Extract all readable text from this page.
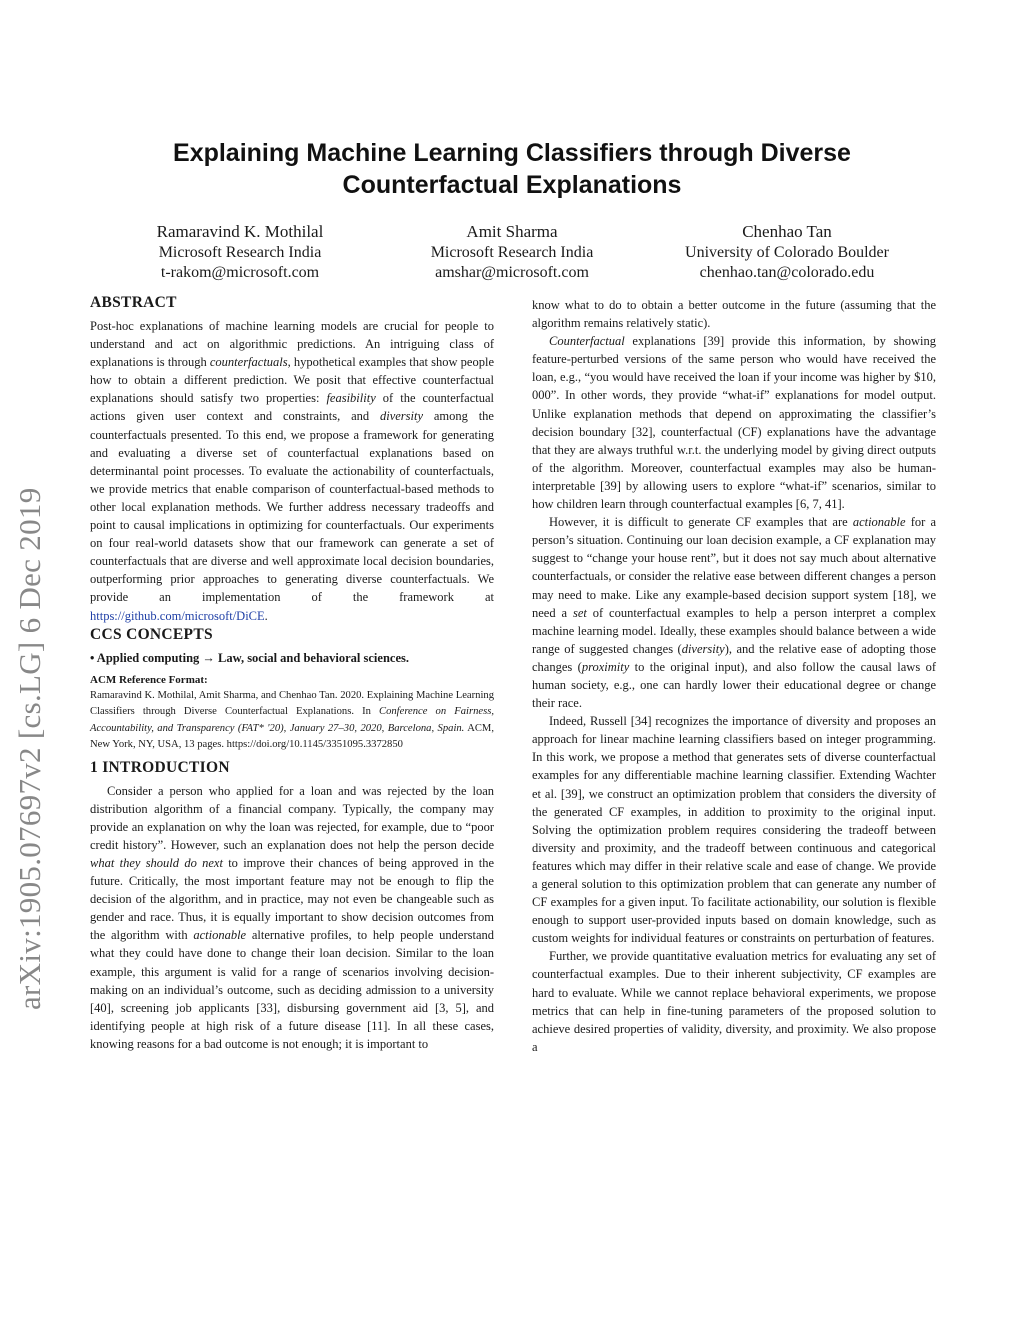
arXiv:1905.07697v2 [cs.LG] 6 Dec 2019
Explaining Machine Learning Classifiers through Diverse
Counterfactual Explanations
Ramaravind K. Mothilal
Microsoft Research India
t-rakom@microsoft.com
Amit Sharma
Microsoft Research India
amshar@microsoft.com
Chenhao Tan
University of Colorado Boulder
chenhao.tan@colorado.edu
ABSTRACT

Post-hoc explanations of machine learning models are crucial for people to understand and act on algorithmic predictions. An intriguing class of explanations is through counterfactuals, hypothetical examples that show people how to obtain a different prediction. We posit that effective counterfactual explanations should satisfy two properties: feasibility of the counterfactual actions given user context and constraints, and diversity among the counterfactuals presented. To this end, we propose a framework for generating and evaluating a diverse set of counterfactual explanations based on determinantal point processes. To evaluate the actionability of counterfactuals, we provide metrics that enable comparison of counterfactual-based methods to other local explanation methods. We further address necessary tradeoffs and point to causal implications in optimizing for counterfactuals. Our experiments on four real-world datasets show that our framework can generate a set of counterfactuals that are diverse and well approximate local decision boundaries, outperforming prior approaches to generating diverse counterfactuals. We provide an implementation of the framework at https://github.com/microsoft/DiCE.

CCS CONCEPTS
• Applied computing → Law, social and behavioral sciences.
ACM Reference Format:

Ramaravind K. Mothilal, Amit Sharma, and Chenhao Tan. 2020. Explaining Machine Learning Classifiers through Diverse Counterfactual Explanations. In Conference on Fairness, Accountability, and Transparency (FAT* '20), January 27–30, 2020, Barcelona, Spain. ACM, New York, NY, USA, 13 pages. https://doi.org/10.1145/3351095.3372850

1 INTRODUCTION

Consider a person who applied for a loan and was rejected by the loan distribution algorithm of a financial company. Typically, the company may provide an explanation on why the loan was rejected, for example, due to “poor credit history”. However, such an explanation does not help the person decide what they should do next to improve their chances of being approved in the future. Critically, the most important feature may not be enough to flip the decision of the algorithm, and in practice, may not even be changeable such as gender and race. Thus, it is equally important to show decision outcomes from the algorithm with actionable alternative profiles, to help people understand what they could have done to change their loan decision. Similar to the loan example, this argument is valid for a range of scenarios involving decision-making on an individual’s outcome, such as deciding admission to a university [40], screening job applicants [33], disbursing government aid [3, 5], and identifying people at high risk of a future disease [11]. In all these cases, knowing reasons for a bad outcome is not enough; it is important to

know what to do to obtain a better outcome in the future (assuming that the algorithm remains relatively static).

Counterfactual explanations [39] provide this information, by showing feature-perturbed versions of the same person who would have received the loan, e.g., “you would have received the loan if your income was higher by $10, 000”. In other words, they provide “what-if” explanations for model output. Unlike explanation methods that depend on approximating the classifier’s decision boundary [32], counterfactual (CF) explanations have the advantage that they are always truthful w.r.t. the underlying model by giving direct outputs of the algorithm. Moreover, counterfactual examples may also be human-interpretable [39] by allowing users to explore “what-if” scenarios, similar to how children learn through counterfactual examples [6, 7, 41].

However, it is difficult to generate CF examples that are actionable for a person’s situation. Continuing our loan decision example, a CF explanation may suggest to “change your house rent”, but it does not say much about alternative counterfactuals, or consider the relative ease between different changes a person may need to make. Like any example-based decision support system [18], we need a set of counterfactual examples to help a person interpret a complex machine learning model. Ideally, these examples should balance between a wide range of suggested changes (diversity), and the relative ease of adopting those changes (proximity to the original input), and also follow the causal laws of human society, e.g., one can hardly lower their educational degree or change their race.

Indeed, Russell [34] recognizes the importance of diversity and proposes an approach for linear machine learning classifiers based on integer programming. In this work, we propose a method that generates sets of diverse counterfactual examples for any differentiable machine learning classifier. Extending Wachter et al. [39], we construct an optimization problem that considers the diversity of the generated CF examples, in addition to proximity to the original input. Solving the optimization problem requires considering the tradeoff between diversity and proximity, and the tradeoff between continuous and categorical features which may differ in their relative scale and ease of change. We provide a general solution to this optimization problem that can generate any number of CF examples for a given input. To facilitate actionability, our solution is flexible enough to support user-provided inputs based on domain knowledge, such as custom weights for individual features or constraints on perturbation of features.

Further, we provide quantitative evaluation metrics for evaluating any set of counterfactual examples. Due to their inherent subjectivity, CF examples are hard to evaluate. While we cannot replace behavioral experiments, we propose metrics that can help in fine-tuning parameters of the proposed solution to achieve desired properties of validity, diversity, and proximity. We also propose a
